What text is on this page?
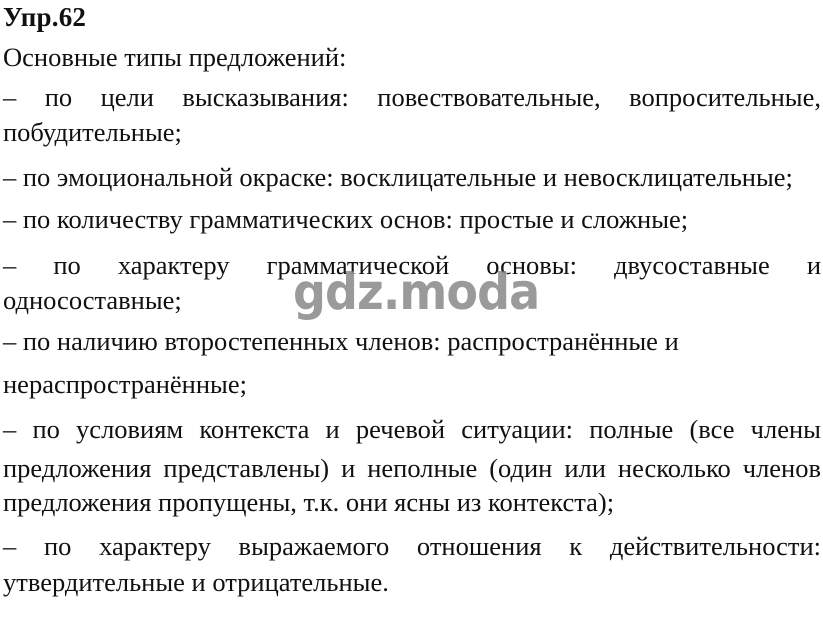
Упр.62
Основные типы предложений:
– по цели высказывания: повествовательные, вопросительные,
побудительные;
– по эмоциональной окраске: восклицательные и невосклицательные;
– по количеству грамматических основ: простые и сложные;
– по характеру грамматической основы: двусоставные и
односоставные;
– по наличию второстепенных членов: распространённые и
нераспространённые;
– по условиям контекста и речевой ситуации: полные (все члены
предложения представлены) и неполные (один или несколько членов
предложения пропущены, т.к. они ясны из контекста);
– по характеру выражаемого отношения к действительности:
утвердительные и отрицательные.
gdz.moda
